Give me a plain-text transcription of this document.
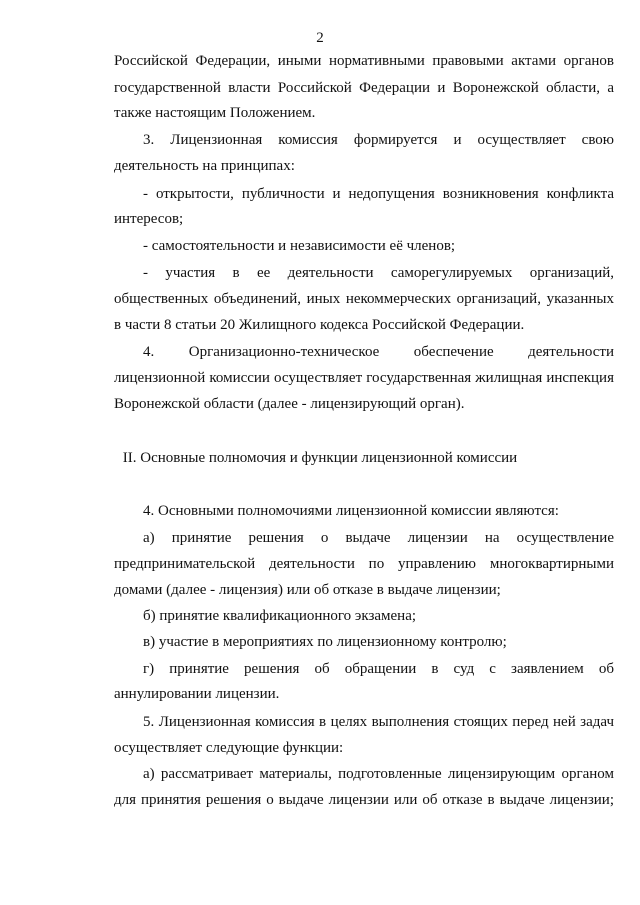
2
Российской Федерации, иными нормативными правовыми актами органов
государственной власти Российской Федерации и Воронежской области, а
также настоящим Положением.
3. Лицензионная комиссия формируется и осуществляет свою
деятельность на принципах:
- открытости, публичности и недопущения возникновения конфликта
интересов;
- самостоятельности и независимости её членов;
- участия в ее деятельности саморегулируемых организаций,
общественных объединений, иных некоммерческих организаций, указанных
в части 8 статьи 20 Жилищного кодекса Российской Федерации.
4. Организационно-техническое обеспечение деятельности
лицензионной комиссии осуществляет государственная жилищная инспекция
Воронежской области (далее - лицензирующий орган).
II. Основные полномочия и функции лицензионной комиссии
4. Основными полномочиями лицензионной комиссии являются:
а) принятие решения о выдаче лицензии на осуществление
предпринимательской деятельности по управлению многоквартирными
домами (далее - лицензия) или об отказе в выдаче лицензии;
б) принятие квалификационного экзамена;
в) участие в мероприятиях по лицензионному контролю;
г) принятие решения об обращении в суд с заявлением об
аннулировании лицензии.
5. Лицензионная комиссия в целях выполнения стоящих перед ней задач
осуществляет следующие функции:
а) рассматривает материалы, подготовленные лицензирующим органом
для принятия решения о выдаче лицензии или об отказе в выдаче лицензии;
